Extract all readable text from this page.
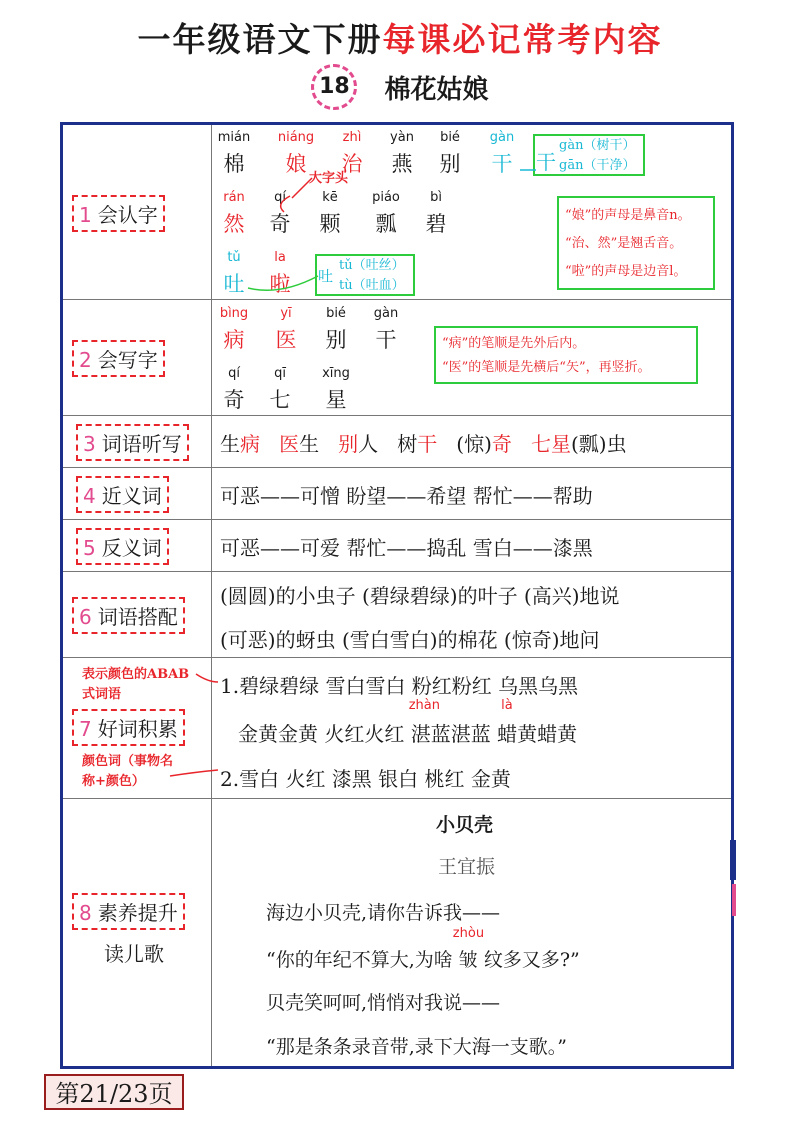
一年级语文下册每课必记常考内容
18 棉花姑娘
1 会认字
2 会写字
3 词语听写
4 近义词
5 反义词
6 词语搭配
7 好词积累
8 素养提升
读儿歌
mián
棉
niáng
娘
zhì
治
yàn
燕
bié
别
gàn
干
rán
然
qí
奇
kē
颗
piáo
瓢
bì
碧
tǔ
吐
la
啦
干
gàn（树干）
gān（干净）
大字头
tǔ（吐丝）
tù（吐血）
吐
“娘”的声母是鼻音n。
“治、然”是翘舌音。
“啦”的声母是边音l。
bìng
病
yī
医
bié
别
gàn
干
qí
奇
qī
七
xīng
星
“病”的笔顺是先外后内。
“医”的笔顺是先横后“矢”，再竖折。
生病 医生   别人   树干   (惊)奇 七星(瓢)虫
可恶——可憎 盼望——希望 帮忙——帮助
可恶——可爱 帮忙——捣乱 雪白——漆黑
(圆圆)的小虫子 (碧绿碧绿)的叶子 (高兴)地说
(可恶)的蚜虫 (雪白雪白)的棉花 (惊奇)地问
表示颜色的ABAB式词语
颜色词（事物名称+颜色）
1.碧绿碧绿 雪白雪白 粉红粉红 乌黑乌黑
金黄金黄 火红火红
zhàn
湛蓝湛蓝
là
蜡黄蜡黄
2.雪白 火红 漆黑 银白 桃红 金黄
小贝壳
王宜振
海边小贝壳,请你告诉我——
“你的年纪不算大,为啥
zhòu
皱 纹多又多?”
贝壳笑呵呵,悄悄对我说——
“那是条条录音带,录下大海一支歌。”
第21/23页
